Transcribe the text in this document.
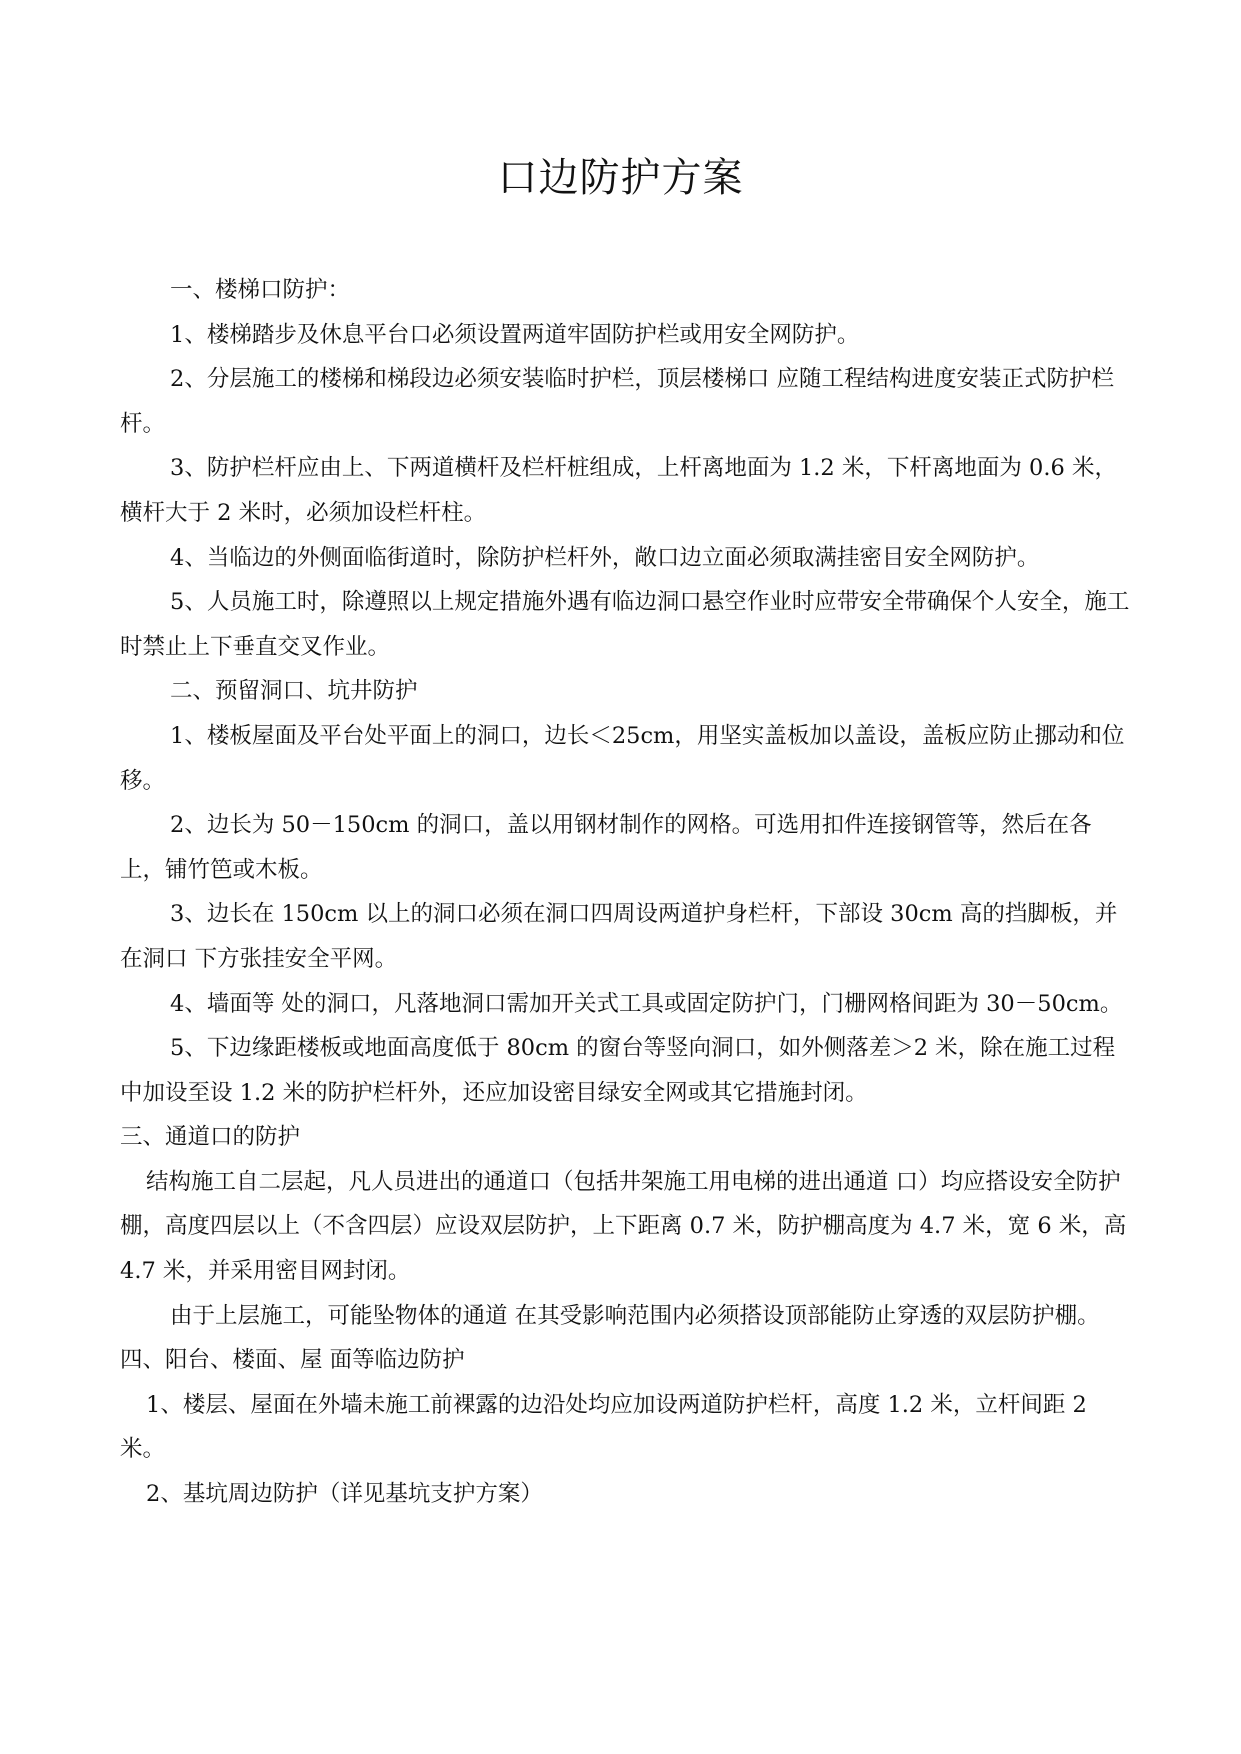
口边防护方案

一、楼梯口防护：

1、楼梯踏步及休息平台口必须设置两道牢固防护栏或用安全网防护。

2、分层施工的楼梯和梯段边必须安装临时护栏，顶层楼梯口 应随工程结构进度安装正式防护栏杆。

3、防护栏杆应由上、下两道横杆及栏杆桩组成，上杆离地面为 1.2 米，下杆离地面为 0.6 米，横杆大于 2 米时，必须加设栏杆柱。

4、当临边的外侧面临街道时，除防护栏杆外，敞口边立面必须取满挂密目安全网防护。

5、人员施工时，除遵照以上规定措施外遇有临边洞口悬空作业时应带安全带确保个人安全，施工时禁止上下垂直交叉作业。

二、预留洞口、坑井防护

1、楼板屋面及平台处平面上的洞口，边长＜25cm，用坚实盖板加以盖设，盖板应防止挪动和位移。

2、边长为 50－150cm 的洞口，盖以用钢材制作的网格。可选用扣件连接钢管等，然后在各上，铺竹笆或木板。

3、边长在 150cm 以上的洞口必须在洞口四周设两道护身栏杆，下部设 30cm 高的挡脚板，并在洞口 下方张挂安全平网。

4、墙面等 处的洞口，凡落地洞口需加开关式工具或固定防护门，门栅网格间距为 30－50cm。

5、下边缘距楼板或地面高度低于 80cm 的窗台等竖向洞口，如外侧落差＞2 米，除在施工过程中加设至设 1.2 米的防护栏杆外，还应加设密目绿安全网或其它措施封闭。

三、通道口的防护

结构施工自二层起，凡人员进出的通道口（包括井架施工用电梯的进出通道 口）均应搭设安全防护棚，高度四层以上（不含四层）应设双层防护，上下距离 0.7 米，防护棚高度为 4.7 米，宽 6 米，高 4.7 米，并采用密目网封闭。

由于上层施工，可能坠物体的通道 在其受影响范围内必须搭设顶部能防止穿透的双层防护棚。

四、阳台、楼面、屋 面等临边防护

1、楼层、屋面在外墙未施工前裸露的边沿处均应加设两道防护栏杆，高度 1.2 米，立杆间距 2 米。

2、基坑周边防护（详见基坑支护方案）
